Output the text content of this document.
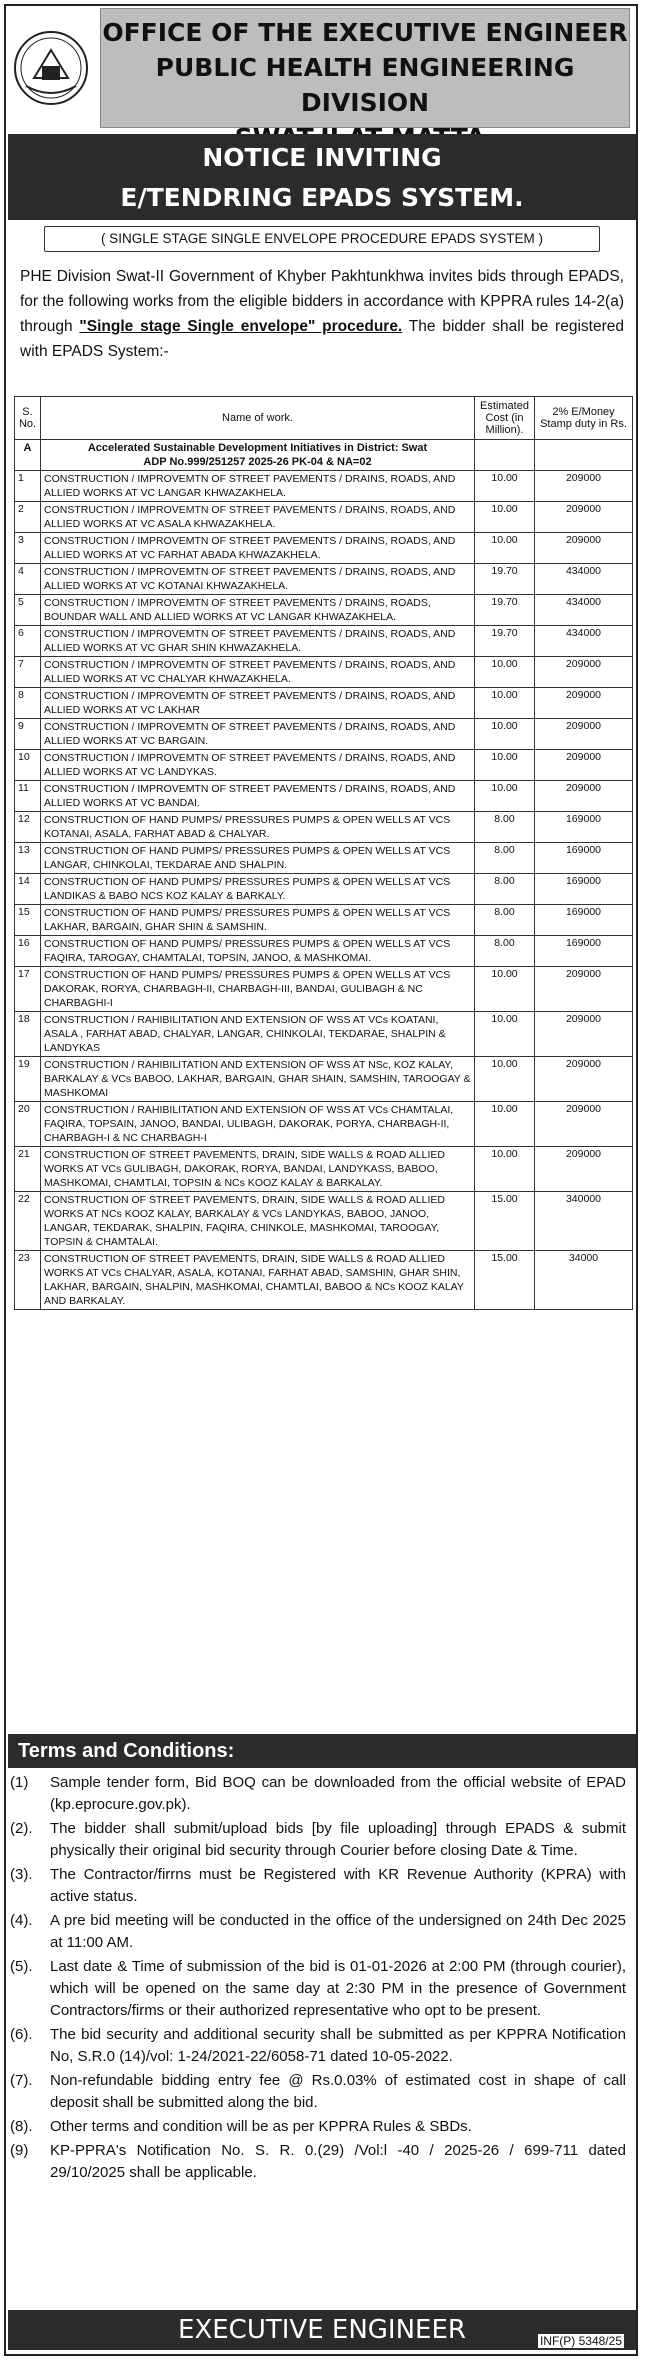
OFFICE OF THE EXECUTIVE ENGINEER
PUBLIC HEALTH ENGINEERING DIVISION
NOTICE INVITING
E/TENDRING EPADS SYSTEM.
( SINGLE STAGE SINGLE ENVELOPE PROCEDURE EPADS SYSTEM )
PHE Division Swat-II Government of Khyber Pakhtunkhwa invites bids through EPADS, for the following works from the eligible bidders in accordance with KPPRA rules 14-2(a) through "Single stage Single envelope" procedure. The bidder shall be registered with EPADS System:-
S. No.	Name of work.	Estimated Cost (in Million).	2% E/Money Stamp duty in Rs.
A	Accelerated Sustainable Development Initiatives in District: Swat
ADP No.999/251257 2025-26 PK-04 & NA=02		

1	CONSTRUCTION / IMPROVEMTN OF STREET PAVEMENTS / DRAINS, ROADS, AND ALLIED WORKS AT VC LANGAR KHWAZAKHELA.	10.00	209000
2	CONSTRUCTION / IMPROVEMTN OF STREET PAVEMENTS / DRAINS, ROADS, AND ALLIED WORKS AT VC ASALA KHWAZAKHELA.	10.00	209000
3	CONSTRUCTION / IMPROVEMTN OF STREET PAVEMENTS / DRAINS, ROADS, AND ALLIED WORKS AT VC FARHAT ABADA KHWAZAKHELA.	10.00	209000
4	CONSTRUCTION / IMPROVEMTN OF STREET PAVEMENTS / DRAINS, ROADS, AND ALLIED WORKS AT VC KOTANAI KHWAZAKHELA.	19.70	434000
5	CONSTRUCTION / IMPROVEMTN OF STREET PAVEMENTS / DRAINS, ROADS, BOUNDAR WALL AND ALLIED WORKS AT VC LANGAR KHWAZAKHELA.	19.70	434000
6	CONSTRUCTION / IMPROVEMTN OF STREET PAVEMENTS / DRAINS, ROADS, AND ALLIED WORKS AT VC GHAR SHIN KHWAZAKHELA.	19.70	434000
7	CONSTRUCTION / IMPROVEMTN OF STREET PAVEMENTS / DRAINS, ROADS, AND ALLIED WORKS AT VC CHALYAR KHWAZAKHELA.	10.00	209000
8	CONSTRUCTION / IMPROVEMTN OF STREET PAVEMENTS / DRAINS, ROADS, AND ALLIED WORKS AT VC LAKHAR	10.00	209000
9	CONSTRUCTION / IMPROVEMTN OF STREET PAVEMENTS / DRAINS, ROADS, AND ALLIED WORKS AT VC BARGAIN.	10.00	209000
10	CONSTRUCTION / IMPROVEMTN OF STREET PAVEMENTS / DRAINS, ROADS, AND ALLIED WORKS AT VC LANDYKAS.	10.00	209000
11	CONSTRUCTION / IMPROVEMTN OF STREET PAVEMENTS / DRAINS, ROADS, AND ALLIED WORKS AT VC BANDAI.	10.00	209000
12	CONSTRUCTION OF HAND PUMPS/ PRESSURES PUMPS & OPEN WELLS AT VCS KOTANAI, ASALA, FARHAT ABAD & CHALYAR.	8.00	169000
13	CONSTRUCTION OF HAND PUMPS/ PRESSURES PUMPS & OPEN WELLS AT VCS LANGAR, CHINKOLAI, TEKDARAE AND SHALPIN.	8.00	169000
14	CONSTRUCTION OF HAND PUMPS/ PRESSURES PUMPS & OPEN WELLS AT VCS LANDIKAS & BABO NCS KOZ KALAY & BARKALY.	8.00	169000
15	CONSTRUCTION OF HAND PUMPS/ PRESSURES PUMPS & OPEN WELLS AT VCS LAKHAR, BARGAIN, GHAR SHIN & SAMSHIN.	8.00	169000
16	CONSTRUCTION OF HAND PUMPS/ PRESSURES PUMPS & OPEN WELLS AT VCS FAQIRA, TAROGAY, CHAMTALAI, TOPSIN, JANOO, & MASHKOMAI.	8.00	169000
17	CONSTRUCTION OF HAND PUMPS/ PRESSURES PUMPS & OPEN WELLS AT VCS DAKORAK, RORYA, CHARBAGH-II, CHARBAGH-III, BANDAI, GULIBAGH & NC CHARBAGHI-I	10.00	209000
18	CONSTRUCTION / RAHIBILITATION AND EXTENSION OF WSS AT VCs KOATANI, ASALA , FARHAT ABAD, CHALYAR, LANGAR, CHINKOLAI, TEKDARAE, SHALPIN & LANDYKAS	10.00	209000
19	CONSTRUCTION / RAHIBILITATION AND EXTENSION OF WSS AT NSc, KOZ KALAY, BARKALAY & VCs BABOO, LAKHAR, BARGAIN, GHAR SHAIN, SAMSHIN, TAROOGAY & MASHKOMAI	10.00	209000
20	CONSTRUCTION / RAHIBILITATION AND EXTENSION OF WSS AT VCs CHAMTALAI, FAQIRA, TOPSAIN, JANOO, BANDAI, ULIBAGH, DAKORAK, PORYA, CHARBAGH-II, CHARBAGH-I & NC CHARBAGH-I	10.00	209000
21	CONSTRUCTION OF STREET PAVEMENTS, DRAIN, SIDE WALLS & ROAD ALLIED WORKS AT VCs GULIBAGH, DAKORAK, RORYA, BANDAI, LANDYKASS, BABOO, MASHKOMAI, CHAMTLAI, TOPSIN & NCs KOOZ KALAY & BARKALAY.	10.00	209000
22	CONSTRUCTION OF STREET PAVEMENTS, DRAIN, SIDE WALLS & ROAD ALLIED WORKS AT NCs KOOZ KALAY, BARKALAY & VCs LANDYKAS, BABOO, JANOO, LANGAR, TEKDARAK, SHALPIN, FAQIRA, CHINKOLE, MASHKOMAI, TAROOGAY, TOPSIN & CHAMTALAI.	15.00	340000
23	CONSTRUCTION OF STREET PAVEMENTS, DRAIN, SIDE WALLS & ROAD ALLIED WORKS AT VCs CHALYAR, ASALA, KOTANAI, FARHAT ABAD, SAMSHIN, GHAR SHIN, LAKHAR, BARGAIN, SHALPIN, MASHKOMAI, CHAMTLAI, BABOO & NCs KOOZ KALAY AND BARKALAY.	15.00	34000
Terms and Conditions:
(1)	Sample tender form, Bid BOQ can be downloaded from the official website of EPAD (kp.eprocure.gov.pk).
(2).	The bidder shall submit/upload bids [by file uploading] through EPADS & submit physically their original bid security through Courier before closing Date & Time.
(3).	The Contractor/firrns must be Registered with KR Revenue Authority (KPRA) with active status.
(4).	A pre bid meeting will be conducted in the office of the undersigned on 24th Dec 2025 at 11:00 AM.
(5).	Last date & Time of submission of the bid is 01-01-2026 at 2:00 PM (through courier), which will be opened on the same day at 2:30 PM in the presence of Government Contractors/firms or their authorized representative who opt to be present.
(6).	The bid security and additional security shall be submitted as per KPPRA Notification No, S.R.0 (14)/vol: 1-24/2021-22/6058-71 dated 10-05-2022.
(7).	Non-refundable bidding entry fee @ Rs.0.03% of estimated cost in shape of call deposit shall be submitted along the bid.
(8).	Other terms and condition will be as per KPPRA Rules & SBDs.
(9)	KP-PPRA's Notification No. S. R. 0.(29) /Vol:l -40 / 2025-26 / 699-711 dated 29/10/2025 shall be applicable.
EXECUTIVE ENGINEER	INF(P) 5348/25
